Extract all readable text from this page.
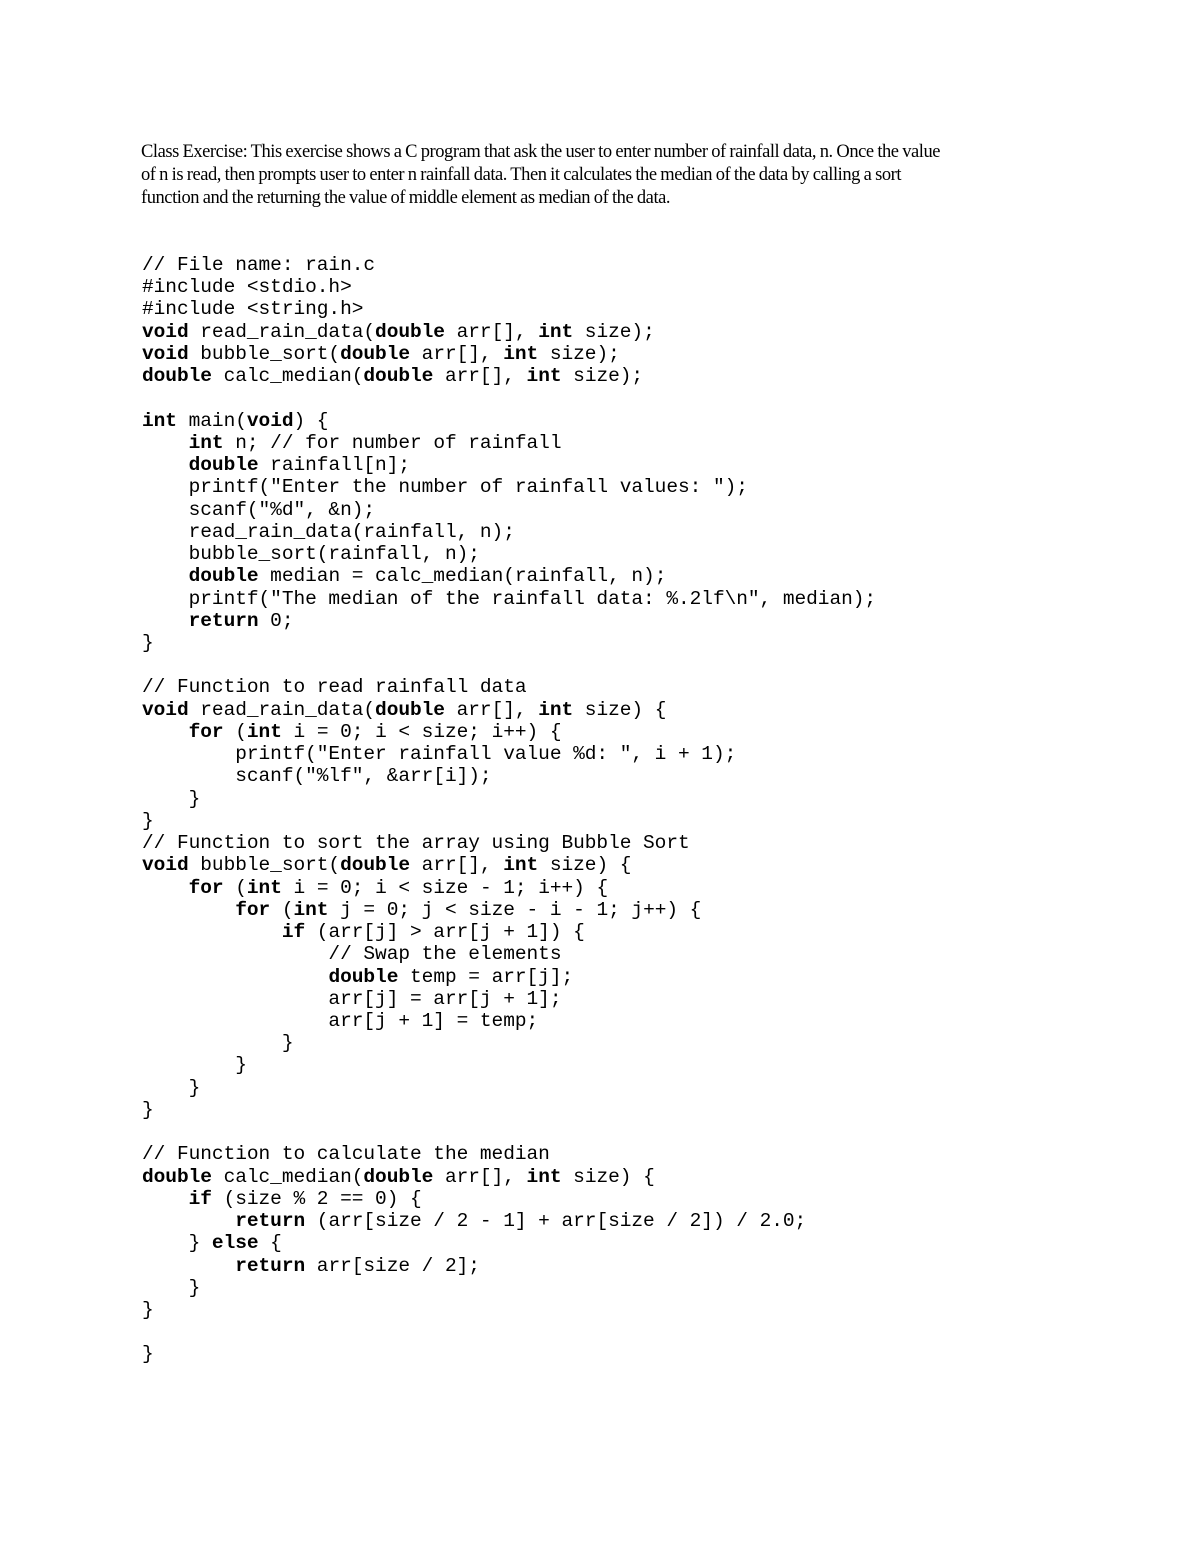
Class Exercise: This exercise shows a C program that ask the user to enter number of rainfall data, n. Once the value
of n is read, then prompts user to enter n rainfall data. Then it calculates the median of the data by calling a sort
function and the returning the value of middle element as median of the data.
// File name: rain.c
#include <stdio.h>
#include <string.h>
void read_rain_data(double arr[], int size);
void bubble_sort(double arr[], int size);
double calc_median(double arr[], int size);
int main(void) {
int n; // for number of rainfall
double rainfall[n];
printf("Enter the number of rainfall values: ");
scanf("%d", &n);
read_rain_data(rainfall, n);
bubble_sort(rainfall, n);
double median = calc_median(rainfall, n);
printf("The median of the rainfall data: %.2lf\n", median);
return 0;
}
// Function to read rainfall data
void read_rain_data(double arr[], int size) {
for (int i = 0; i < size; i++) {
printf("Enter rainfall value %d: ", i + 1);
scanf("%lf", &arr[i]);
}
}
// Function to sort the array using Bubble Sort
void bubble_sort(double arr[], int size) {
for (int i = 0; i < size - 1; i++) {
for (int j = 0; j < size - i - 1; j++) {
if (arr[j] > arr[j + 1]) {
// Swap the elements
double temp = arr[j];
arr[j] = arr[j + 1];
arr[j + 1] = temp;
}
}
}
}
// Function to calculate the median
double calc_median(double arr[], int size) {
if (size % 2 == 0) {
return (arr[size / 2 - 1] + arr[size / 2]) / 2.0;
} else {
return arr[size / 2];
}
}
}
